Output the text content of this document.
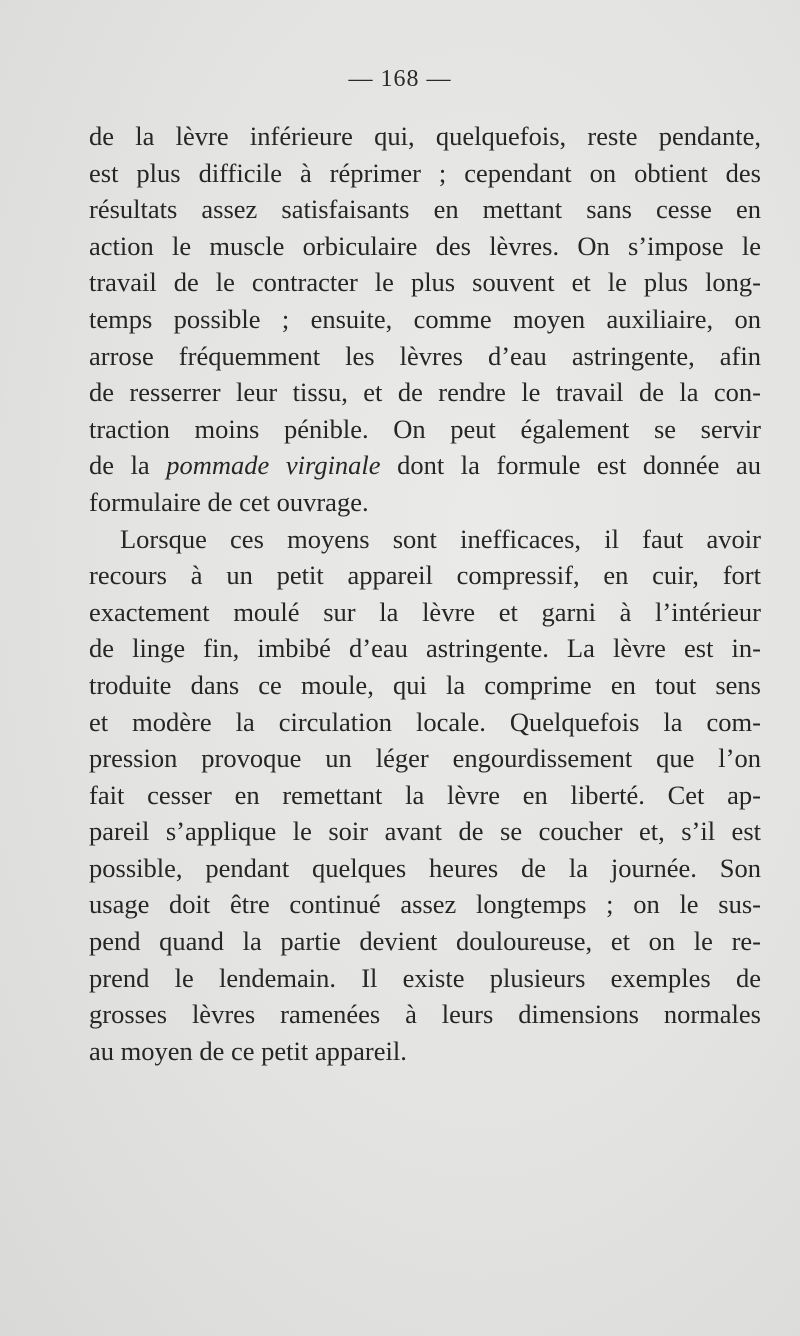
— 168 —
de la lèvre inférieure qui, quelquefois, reste pendante,
est plus difficile à réprimer ; cependant on obtient des
résultats assez satisfaisants en mettant sans cesse en
action le muscle orbiculaire des lèvres. On s’impose le
travail de le contracter le plus souvent et le plus long-
temps possible ; ensuite, comme moyen auxiliaire, on
arrose fréquemment les lèvres d’eau astringente, afin
de resserrer leur tissu, et de rendre le travail de la con-
traction moins pénible. On peut également se servir
de la pommade virginale dont la formule est donnée au
formulaire de cet ouvrage.
Lorsque ces moyens sont inefficaces, il faut avoir
recours à un petit appareil compressif, en cuir, fort
exactement moulé sur la lèvre et garni à l’intérieur
de linge fin, imbibé d’eau astringente. La lèvre est in-
troduite dans ce moule, qui la comprime en tout sens
et modère la circulation locale. Quelquefois la com-
pression provoque un léger engourdissement que l’on
fait cesser en remettant la lèvre en liberté. Cet ap-
pareil s’applique le soir avant de se coucher et, s’il est
possible, pendant quelques heures de la journée. Son
usage doit être continué assez longtemps ; on le sus-
pend quand la partie devient douloureuse, et on le re-
prend le lendemain. Il existe plusieurs exemples de
grosses lèvres ramenées à leurs dimensions normales
au moyen de ce petit appareil.
